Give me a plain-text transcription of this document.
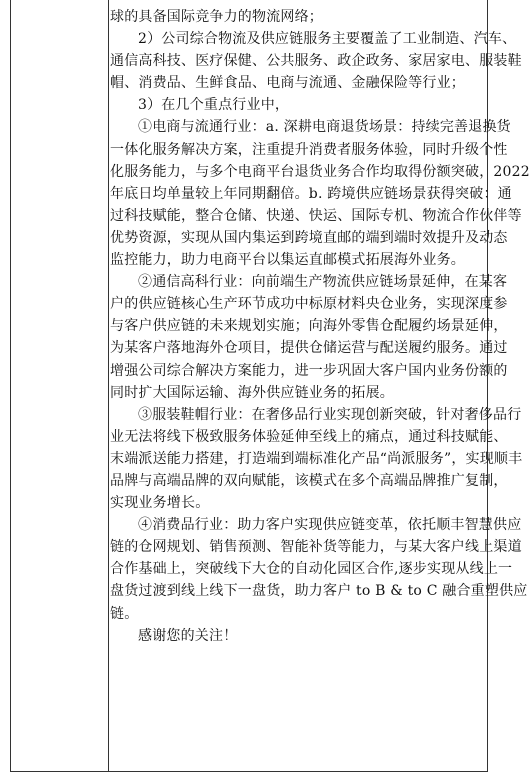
球的具备国际竞争力的物流网络；
2）公司综合物流及供应链服务主要覆盖了工业制造、汽车、
通信高科技、医疗保健、公共服务、政企政务、家居家电、服装鞋
帽、消费品、生鲜食品、电商与流通、金融保险等行业；
3）在几个重点行业中，
①电商与流通行业：a. 深耕电商退货场景：持续完善退换货
一体化服务解决方案，注重提升消费者服务体验，同时升级个性
化服务能力，与多个电商平台退货业务合作均取得份额突破，2022
年底日均单量较上年同期翻倍。b. 跨境供应链场景获得突破：通
过科技赋能，整合仓储、快递、快运、国际专机、物流合作伙伴等
优势资源，实现从国内集运到跨境直邮的端到端时效提升及动态
监控能力，助力电商平台以集运直邮模式拓展海外业务。
②通信高科行业：向前端生产物流供应链场景延伸，在某客
户的供应链核心生产环节成功中标原材料央仓业务，实现深度参
与客户供应链的未来规划实施；向海外零售仓配履约场景延伸，
为某客户落地海外仓项目，提供仓储运营与配送履约服务。通过
增强公司综合解决方案能力，进一步巩固大客户国内业务份额的
同时扩大国际运输、海外供应链业务的拓展。
③服装鞋帽行业：在奢侈品行业实现创新突破，针对奢侈品行
业无法将线下极致服务体验延伸至线上的痛点，通过科技赋能、
末端派送能力搭建，打造端到端标准化产品“尚派服务”，实现顺丰
品牌与高端品牌的双向赋能，该模式在多个高端品牌推广复制，
实现业务增长。
④消费品行业：助力客户实现供应链变革，依托顺丰智慧供应
链的仓网规划、销售预测、智能补货等能力，与某大客户线上渠道
合作基础上，突破线下大仓的自动化园区合作,逐步实现从线上一
盘货过渡到线上线下一盘货，助力客户 to B & to C 融合重塑供应
链。
感谢您的关注！
